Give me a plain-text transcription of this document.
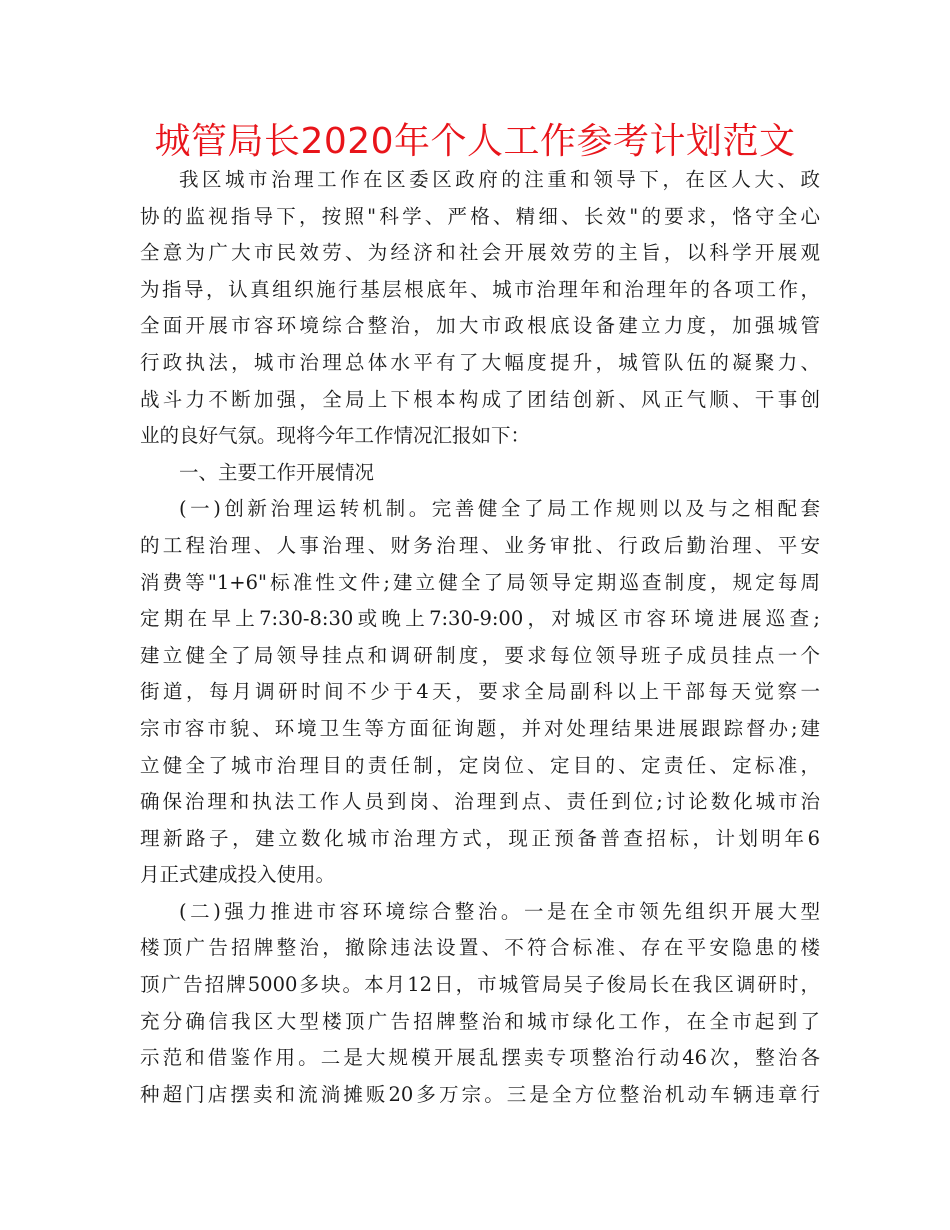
城管局长2020年个人工作参考计划范文
我区城市治理工作在区委区政府的注重和领导下，在区人大、政
协的监视指导下，按照"科学、严格、精细、长效"的要求，恪守全心
全意为广大市民效劳、为经济和社会开展效劳的主旨，以科学开展观
为指导，认真组织施行基层根底年、城市治理年和治理年的各项工作，
全面开展市容环境综合整治，加大市政根底设备建立力度，加强城管
行政执法，城市治理总体水平有了大幅度提升，城管队伍的凝聚力、
战斗力不断加强，全局上下根本构成了团结创新、风正气顺、干事创
业的良好气氛。现将今年工作情况汇报如下：
一、主要工作开展情况
(一)创新治理运转机制。完善健全了局工作规则以及与之相配套
的工程治理、人事治理、财务治理、业务审批、行政后勤治理、平安
消费等"1+6"标准性文件;建立健全了局领导定期巡查制度，规定每周
定期在早上7:30-8:30或晚上7:30-9:00，对城区市容环境进展巡查;
建立健全了局领导挂点和调研制度，要求每位领导班子成员挂点一个
街道，每月调研时间不少于4天，要求全局副科以上干部每天觉察一
宗市容市貌、环境卫生等方面征询题，并对处理结果进展跟踪督办;建
立健全了城市治理目的责任制，定岗位、定目的、定责任、定标准，
确保治理和执法工作人员到岗、治理到点、责任到位;讨论数化城市治
理新路子，建立数化城市治理方式，现正预备普查招标，计划明年6
月正式建成投入使用。
(二)强力推进市容环境综合整治。一是在全市领先组织开展大型
楼顶广告招牌整治，撤除违法设置、不符合标准、存在平安隐患的楼
顶广告招牌5000多块。本月12日，市城管局吴子俊局长在我区调研时，
充分确信我区大型楼顶广告招牌整治和城市绿化工作，在全市起到了
示范和借鉴作用。二是大规模开展乱摆卖专项整治行动46次，整治各
种超门店摆卖和流淌摊贩20多万宗。三是全方位整治机动车辆违章行
